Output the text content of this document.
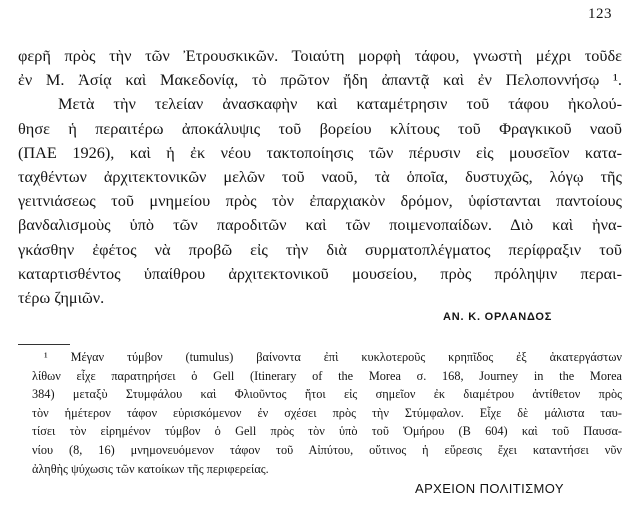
123
φερῆ πρὸς τὴν τῶν Ἐτρουσκικῶν. Τοιαύτη μορφὴ τάφου, γνωστὴ μέχρι τοῦδε
ἐν Μ. Ἀσίᾳ καὶ Μακεδονίᾳ, τὸ πρῶτον ἤδη ἀπαντᾷ καὶ ἐν Πελοποννήσῳ ¹.
Μετὰ τὴν τελείαν ἀνασκαφὴν καὶ καταμέτρησιν τοῦ τάφου ἠκολού-
θησε ἡ περαιτέρω ἀποκάλυψις τοῦ βορείου κλίτους τοῦ Φραγκικοῦ ναοῦ
(ΠΑΕ 1926), καὶ ἡ ἐκ νέου τακτοποίησις τῶν πέρυσιν εἰς μουσεῖον κατα-
ταχθέντων ἀρχιτεκτονικῶν μελῶν τοῦ ναοῦ, τὰ ὁποῖα, δυστυχῶς, λόγῳ τῆς
γειτνιάσεως τοῦ μνημείου πρὸς τὸν ἐπαρχιακὸν δρόμον, ὑφίστανται παντοίους
βανδαλισμοὺς ὑπὸ τῶν παροδιτῶν καὶ τῶν ποιμενοπαίδων. Διὸ καὶ ἠνα-
γκάσθην ἐφέτος νὰ προβῶ εἰς τὴν διὰ συρματοπλέγματος περίφραξιν τοῦ
καταρτισθέντος ὑπαίθρου ἀρχιτεκτονικοῦ μουσείου, πρὸς πρόληψιν περαι-
τέρω ζημιῶν.
ΑΝ. Κ. ΟΡΛΑΝΔΟΣ
¹ Μέγαν τύμβον (tumulus) βαίνοντα ἐπὶ κυκλοτεροῦς κρηπῖδος ἐξ ἀκατεργάστων
λίθων εἶχε παρατηρήσει ὁ Gell (Itinerary of the Morea σ. 168, Journey in the Morea
384) μεταξὺ Στυμφάλου καὶ Φλιοῦντος ἤτοι εἰς σημεῖον ἐκ διαμέτρου ἀντίθετον πρὸς
τὸν ἡμέτερον τάφον εὑρισκόμενον ἐν σχέσει πρὸς τὴν Στύμφαλον. Εἶχε δὲ μάλιστα ταυ-
τίσει τὸν εἰρημένον τύμβον ὁ Gell πρὸς τὸν ὑπὸ τοῦ Ὁμήρου (Β 604) καὶ τοῦ Παυσα-
νίου (8, 16) μνημονευόμενον τάφον τοῦ Αἰπύτου, οὕτινος ἡ εὕρεσις ἔχει καταντήσει νῦν
ἀληθὴς ψύχωσις τῶν κατοίκων τῆς περιφερείας.
ΑΡΧΕΙΟΝ ΠΟΛΙΤΙΣΜΟΥ
